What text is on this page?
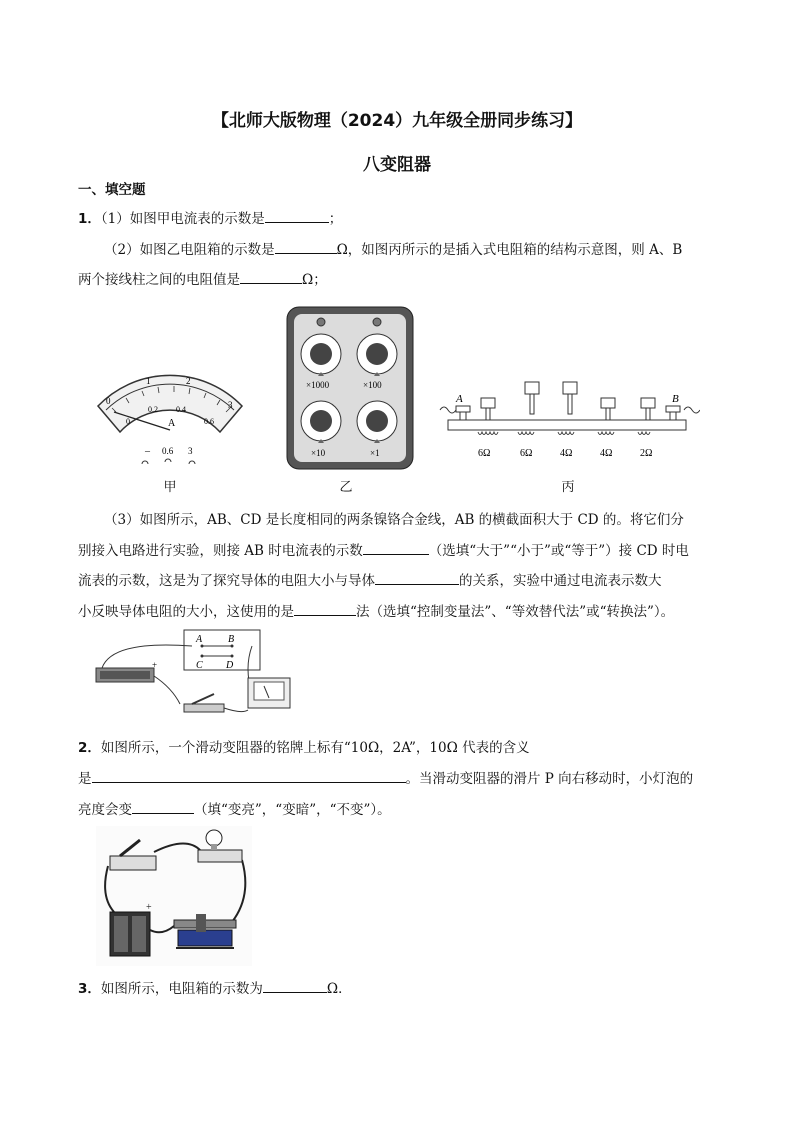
【北师大版物理（2024）九年级全册同步练习】
八变阻器
一、填空题
1．（1）如图甲电流表的示数是	；
（2）如图乙电阻箱的示数是	Ω，如图丙所示的是插入式电阻箱的结构示意图，则 A、B
两个接线柱之间的电阻值是	Ω；
0
1	2
3
0
0.2 0.4
0.6
A
– 0.6 3
甲
×1000	×100
×10	×1
乙
A	B
6Ω	6Ω	4Ω	4Ω	2Ω
丙
（3）如图所示，AB、CD 是长度相同的两条镍铬合金线，AB 的横截面积大于 CD 的。将它们分
别接入电路进行实验，则接 AB 时电流表的示数	（选填“大于”“小于”或“等于”）接 CD 时电
流表的示数，这是为了探究导体的电阻大小与导体	的关系，实验中通过电流表示数大
小反映导体电阻的大小，这使用的是	法（选填“控制变量法”、“等效替代法”或“转换法”）。
A	B
C D
+
2．如图所示，一个滑动变阻器的铭牌上标有“10Ω，2A”，10Ω 代表的含义
是	。当滑动变阻器的滑片 P 向右移动时，小灯泡的
亮度会变	（填“变亮”，“变暗”，“不变”）。
+
3．如图所示，电阻箱的示数为	Ω．
